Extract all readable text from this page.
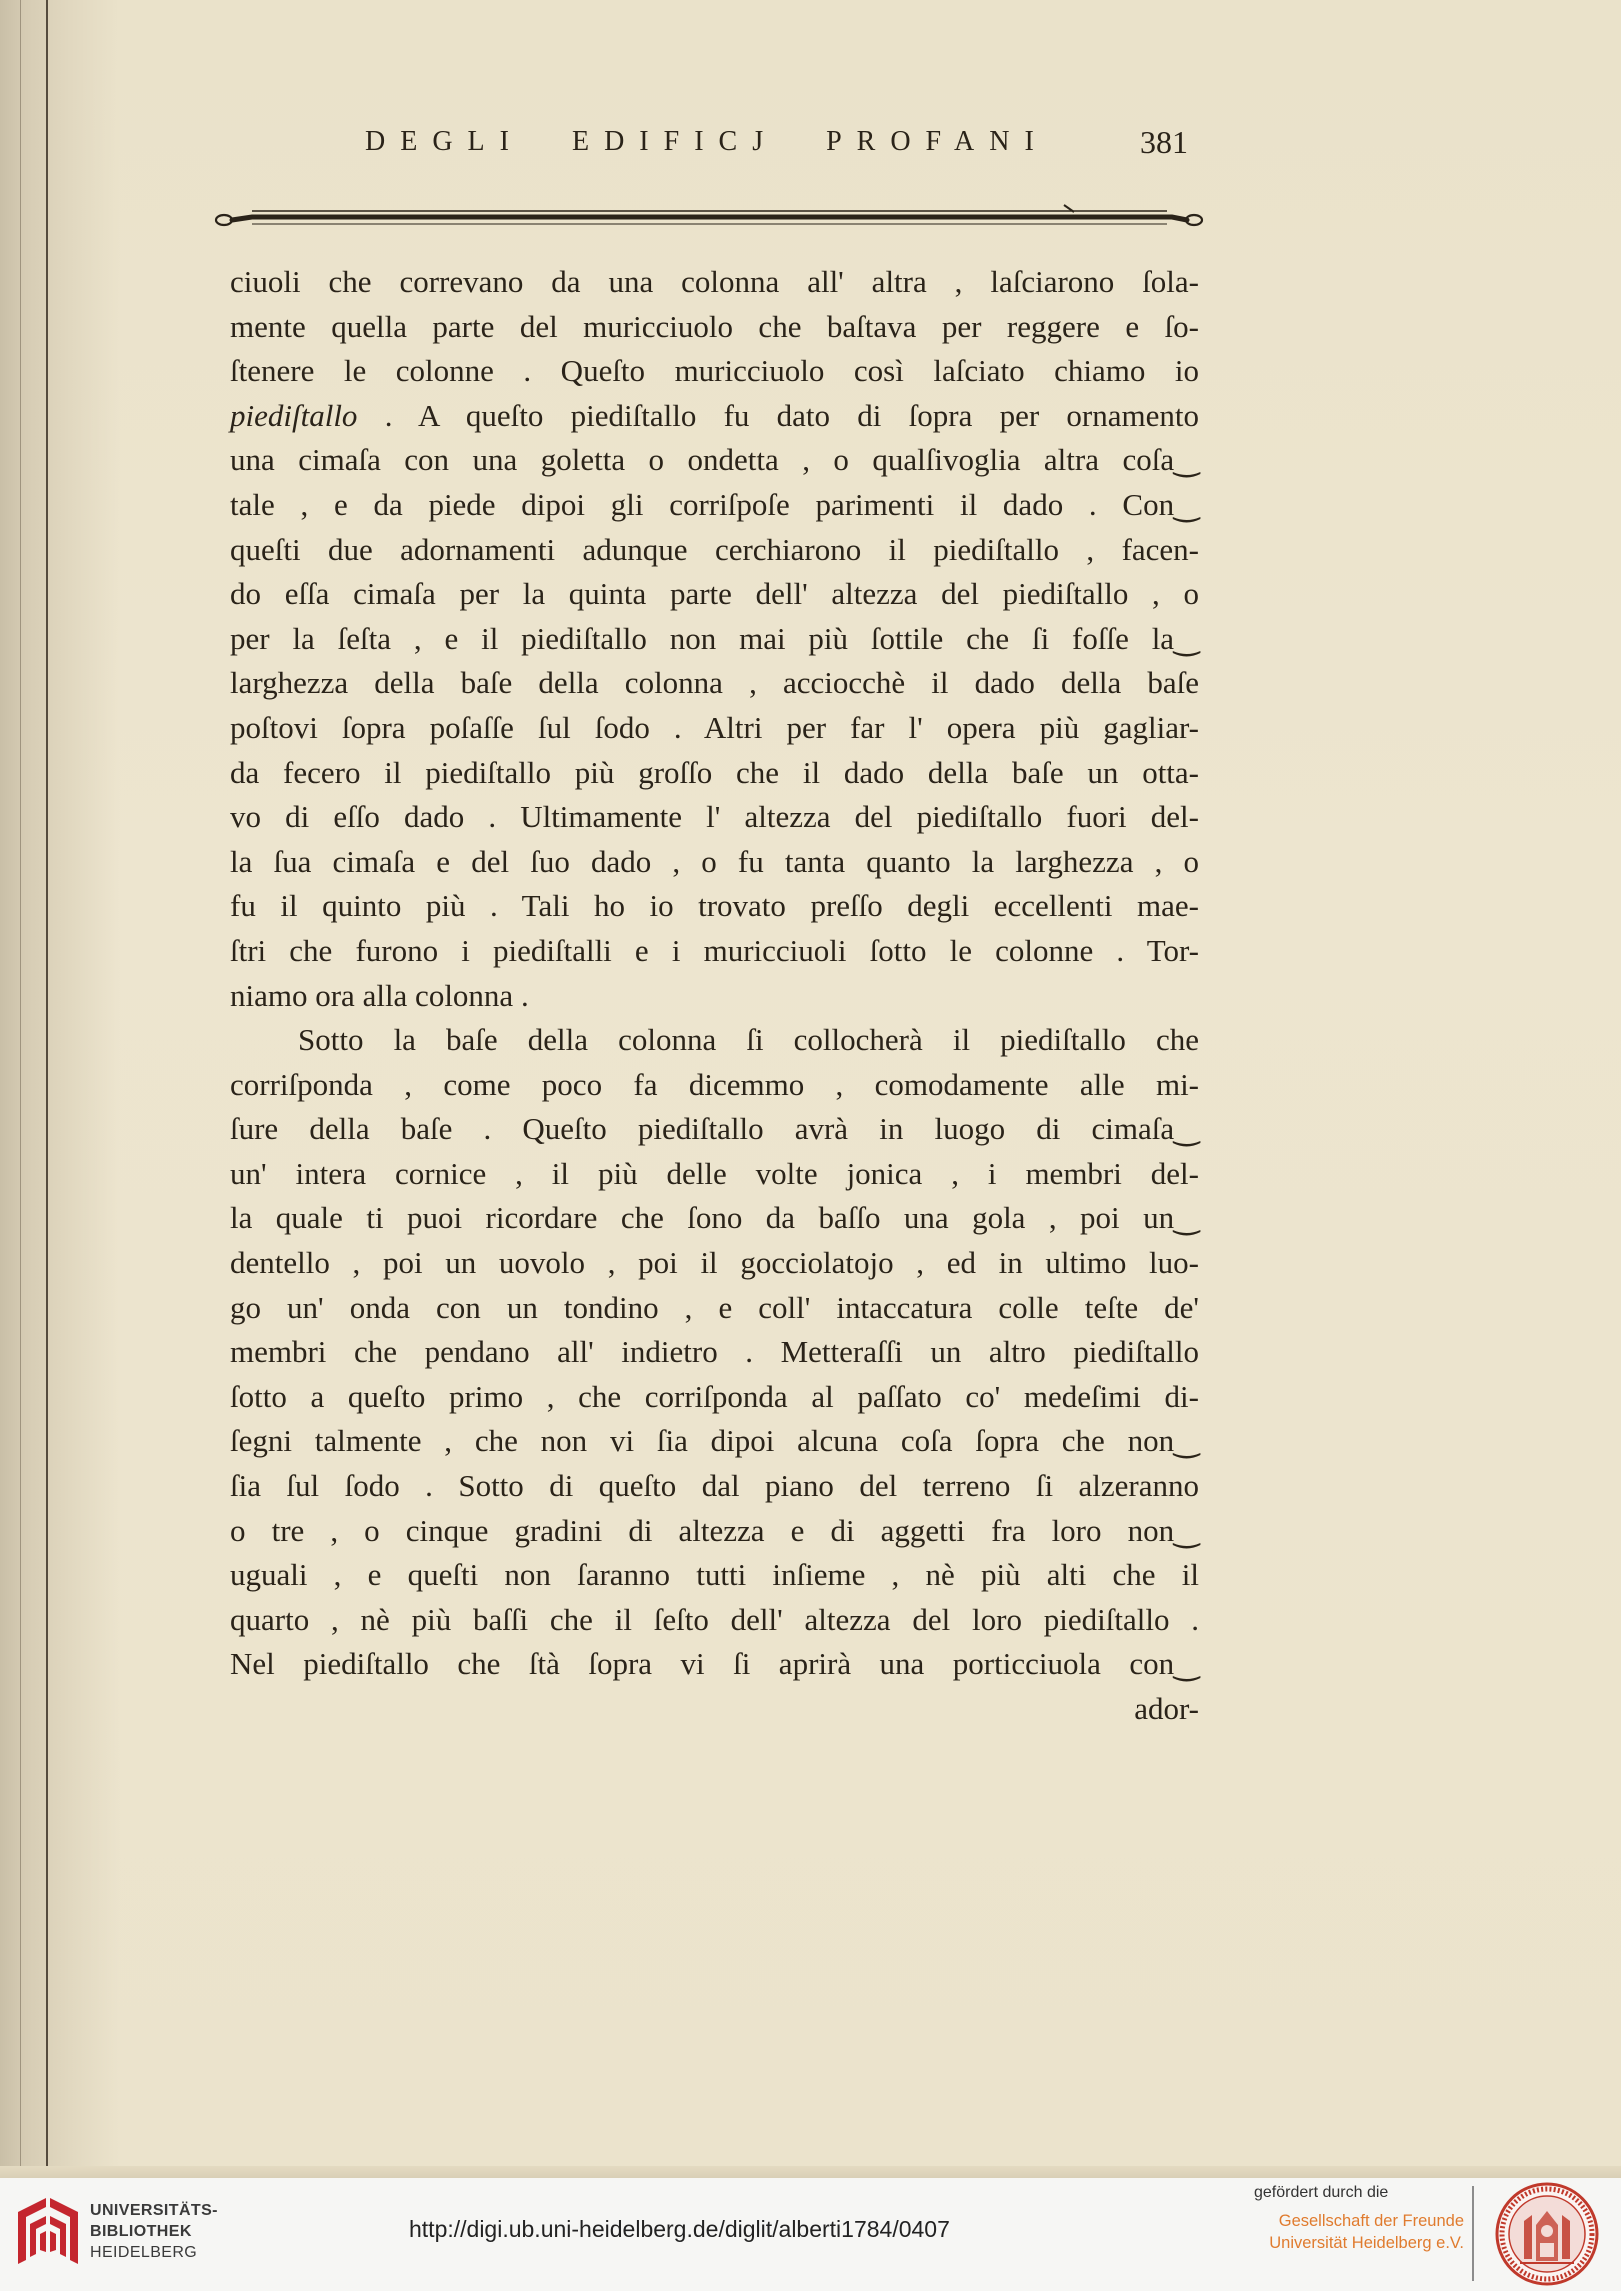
DEGLI EDIFICJ PROFANI	381
ciuoli che correvano da una colonna all' altra , laſciarono ſola-
mente quella parte del muricciuolo che baſtava per reggere e ſo-
ſtenere le colonne . Queſto muricciuolo così laſciato chiamo io
piediſtallo . A queſto piediſtallo fu dato di ſopra per ornamento
una cimaſa con una goletta o ondetta , o qualſivoglia altra coſa‿
tale , e da piede dipoi gli corriſpoſe parimenti il dado . Con‿
queſti due adornamenti adunque cerchiarono il piediſtallo , facen-
do eſſa cimaſa per la quinta parte dell' altezza del piediſtallo , o
per la ſeſta , e il piediſtallo non mai più ſottile che ſi foſſe la‿
larghezza della baſe della colonna , acciocchè il dado della baſe
poſtovi ſopra poſaſſe ſul ſodo . Altri per far l' opera più gagliar-
da fecero il piediſtallo più groſſo che il dado della baſe un otta-
vo di eſſo dado . Ultimamente l' altezza del piediſtallo fuori del-
la ſua cimaſa e del ſuo dado , o fu tanta quanto la larghezza , o
fu il quinto più . Tali ho io trovato preſſo degli eccellenti mae-
ſtri che furono i piediſtalli e i muricciuoli ſotto le colonne . Tor-
niamo ora alla colonna .
Sotto la baſe della colonna ſi collocherà il piediſtallo che
corriſponda , come poco fa dicemmo , comodamente alle mi-
ſure della baſe . Queſto piediſtallo avrà in luogo di cimaſa‿
un' intera cornice , il più delle volte jonica , i membri del-
la quale ti puoi ricordare che ſono da baſſo una gola , poi un‿
dentello , poi un uovolo , poi il gocciolatojo , ed in ultimo luo-
go un' onda con un tondino , e coll' intaccatura colle teſte de'
membri che pendano all' indietro . Metteraſſi un altro piediſtallo
ſotto a queſto primo , che corriſponda al paſſato co' medeſimi di-
ſegni talmente , che non vi ſia dipoi alcuna coſa ſopra che non‿
ſia ſul ſodo . Sotto di queſto dal piano del terreno ſi alzeranno
o tre , o cinque gradini di altezza e di aggetti fra loro non‿
uguali , e queſti non ſaranno tutti inſieme , nè più alti che il
quarto , nè più baſſi che il ſeſto dell' altezza del loro piediſtallo .
Nel piediſtallo che ſtà ſopra vi ſi aprirà una porticciuola con‿
ador-
UNIVERSITÄTS-
BIBLIOTHEK
HEIDELBERG
http://digi.ub.uni-heidelberg.de/diglit/alberti1784/0407
gefördert durch die
Gesellschaft der Freunde
Universität Heidelberg e.V.
